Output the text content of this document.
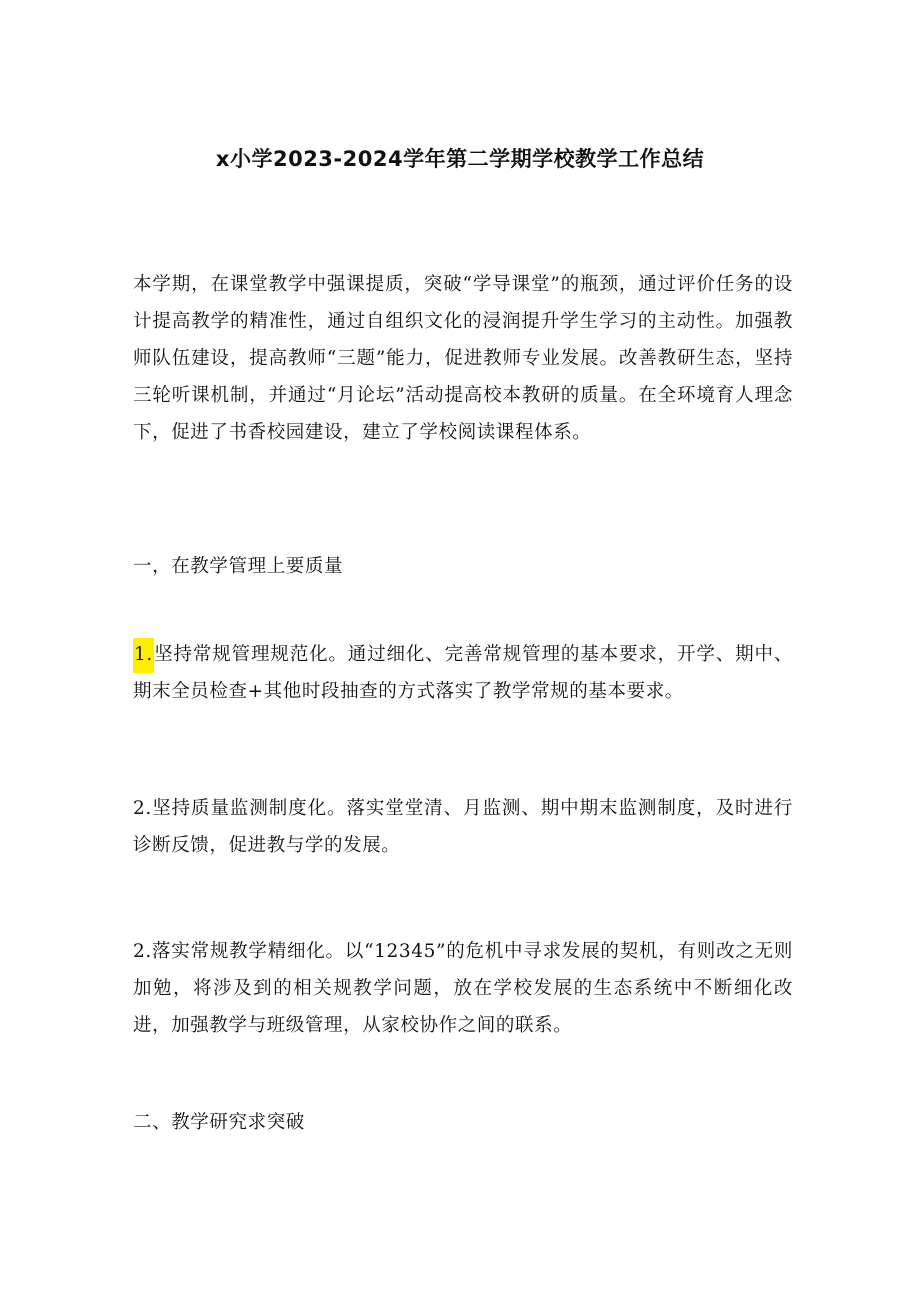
x小学2023-2024学年第二学期学校教学工作总结

本学期，在课堂教学中强课提质，突破“学导课堂”的瓶颈，通过评价任务的设计提高教学的精准性，通过自组织文化的浸润提升学生学习的主动性。加强教师队伍建设，提高教师“三题”能力，促进教师专业发展。改善教研生态，坚持三轮听课机制，并通过“月论坛”活动提高校本教研的质量。在全环境育人理念下，促进了书香校园建设，建立了学校阅读课程体系。

一，在教学管理上要质量

1.坚持常规管理规范化。通过细化、完善常规管理的基本要求，开学、期中、期末全员检查+其他时段抽查的方式落实了教学常规的基本要求。

2.坚持质量监测制度化。落实堂堂清、月监测、期中期末监测制度，及时进行诊断反馈，促进教与学的发展。

2.落实常规教学精细化。以“12345”的危机中寻求发展的契机，有则改之无则加勉，将涉及到的相关规教学问题，放在学校发展的生态系统中不断细化改进，加强教学与班级管理，从家校协作之间的联系。

二、教学研究求突破
